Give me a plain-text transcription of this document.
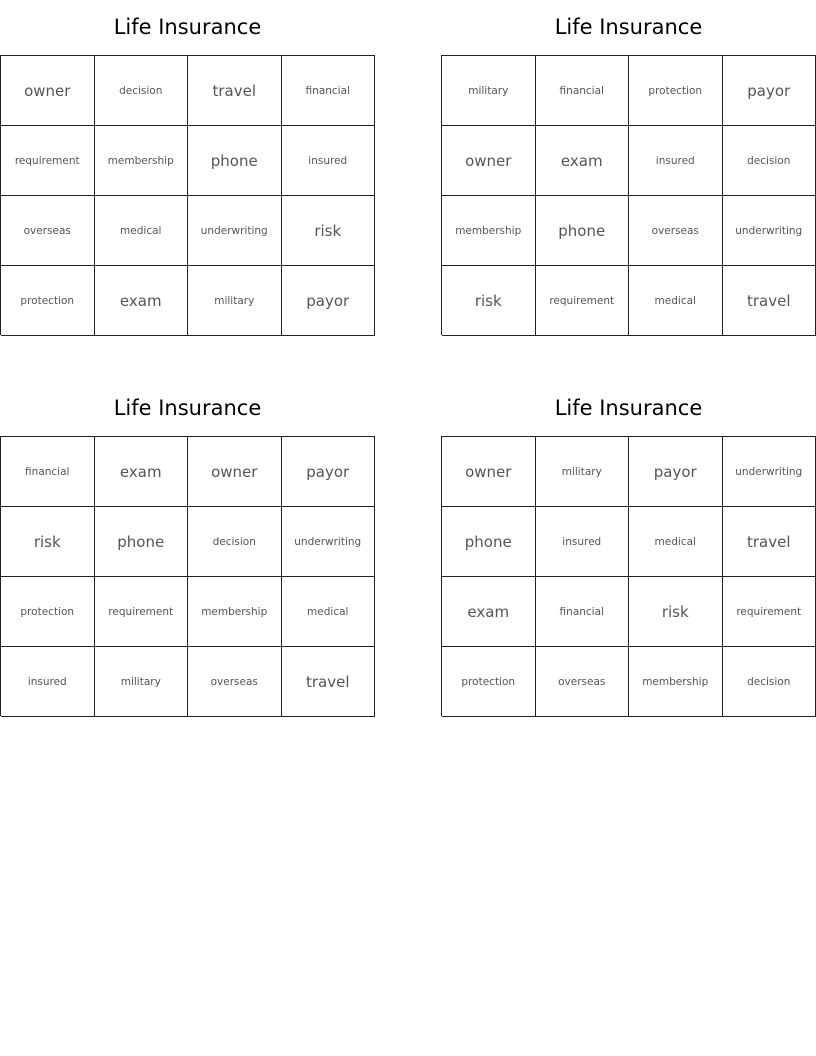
Life Insurance
owner	decision	travel	financial
requirement	membership	phone	insured
overseas	medical	underwriting	risk
protection	exam	military	payor
Life Insurance
military	financial	protection	payor
owner	exam	insured	decision
membership	phone	overseas	underwriting
risk	requirement	medical	travel
Life Insurance
financial	exam	owner	payor
risk	phone	decision	underwriting
protection	requirement	membership	medical
insured	military	overseas	travel
Life Insurance
owner	military	payor	underwriting
phone	insured	medical	travel
exam	financial	risk	requirement
protection	overseas	membership	decision
